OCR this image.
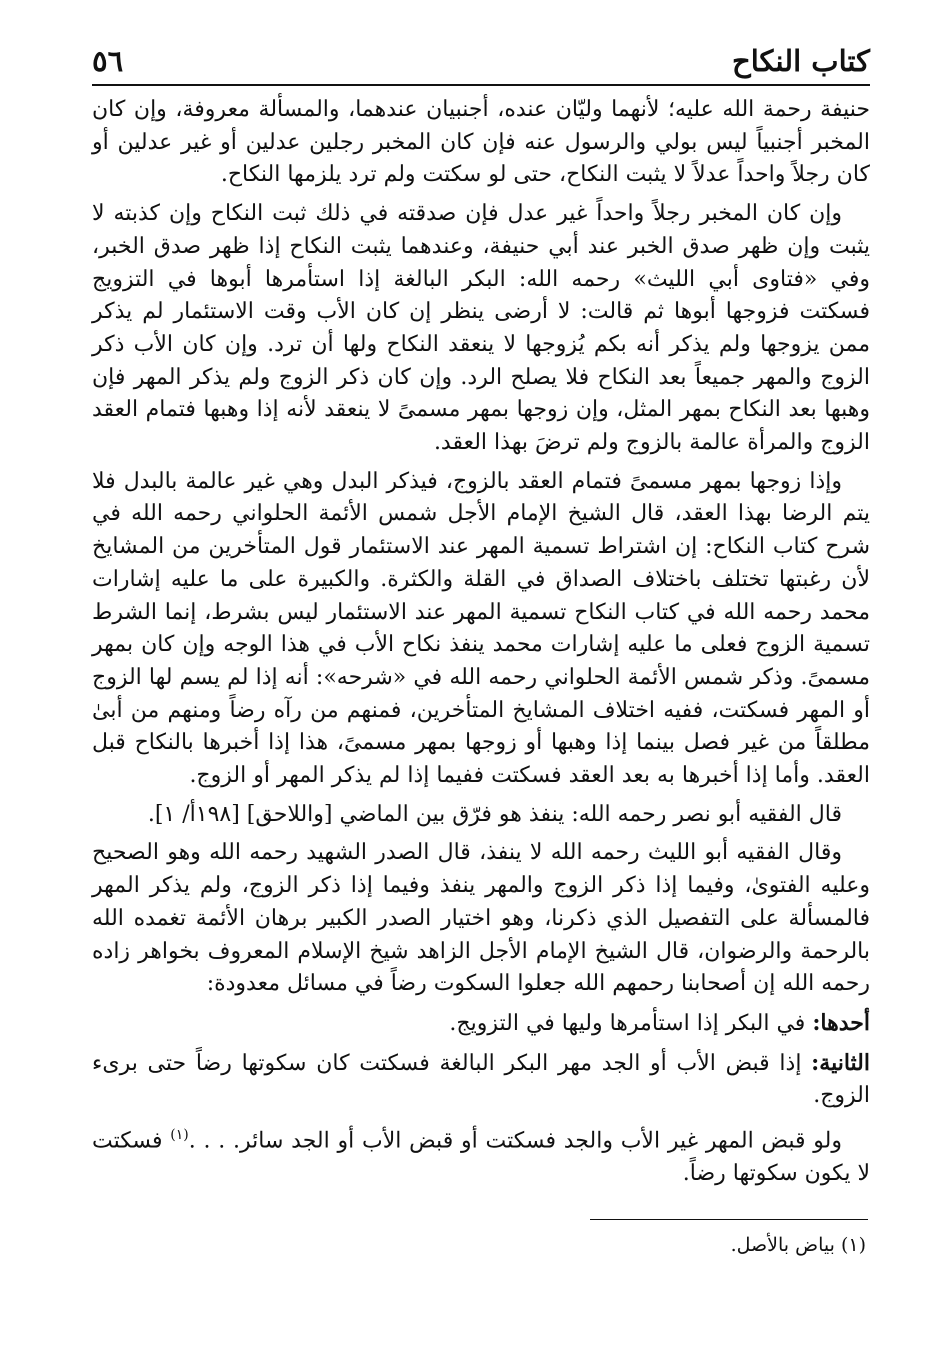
كتاب النكاح
٥٦

حنيفة رحمة الله عليه؛ لأنهما وليّان عنده، أجنبيان عندهما، والمسألة معروفة، وإن كان المخبر أجنبياً ليس بولي والرسول عنه فإن كان المخبر رجلين عدلين أو غير عدلين أو كان رجلاً واحداً عدلاً لا يثبت النكاح، حتى لو سكتت ولم ترد يلزمها النكاح.

وإن كان المخبر رجلاً واحداً غير عدل فإن صدقته في ذلك ثبت النكاح وإن كذبته لا يثبت وإن ظهر صدق الخبر عند أبي حنيفة، وعندهما يثبت النكاح إذا ظهر صدق الخبر، وفي «فتاوى أبي الليث» رحمه الله: البكر البالغة إذا استأمرها أبوها في التزويج فسكتت فزوجها أبوها ثم قالت: لا أرضى ينظر إن كان الأب وقت الاستئمار لم يذكر ممن يزوجها ولم يذكر أنه بكم يُزوجها لا ينعقد النكاح ولها أن ترد. وإن كان الأب ذكر الزوج والمهر جميعاً بعد النكاح فلا يصلح الرد. وإن كان ذكر الزوج ولم يذكر المهر فإن وهبها بعد النكاح بمهر المثل، وإن زوجها بمهر مسمىً لا ينعقد لأنه إذا وهبها فتمام العقد الزوج والمرأة عالمة بالزوج ولم ترضَ بهذا العقد.

وإذا زوجها بمهر مسمىً فتمام العقد بالزوج، فيذكر البدل وهي غير عالمة بالبدل فلا يتم الرضا بهذا العقد، قال الشيخ الإمام الأجل شمس الأئمة الحلواني رحمه الله في شرح كتاب النكاح: إن اشتراط تسمية المهر عند الاستئمار قول المتأخرين من المشايخ لأن رغبتها تختلف باختلاف الصداق في القلة والكثرة. والكبيرة على ما عليه إشارات محمد رحمه الله في كتاب النكاح تسمية المهر عند الاستئمار ليس بشرط، إنما الشرط تسمية الزوج فعلى ما عليه إشارات محمد ينفذ نكاح الأب في هذا الوجه وإن كان بمهر مسمىً. وذكر شمس الأئمة الحلواني رحمه الله في «شرحه»: أنه إذا لم يسم لها الزوج أو المهر فسكتت، ففيه اختلاف المشايخ المتأخرين، فمنهم من رآه رضاً ومنهم من أبىٰ مطلقاً من غير فصل بينما إذا وهبها أو زوجها بمهر مسمىً، هذا إذا أخبرها بالنكاح قبل العقد. وأما إذا أخبرها به بعد العقد فسكتت ففيما إذا لم يذكر المهر أو الزوج.

قال الفقيه أبو نصر رحمه الله: ينفذ هو فرّق بين الماضي [واللاحق] [١٩٨أ/ ١].

وقال الفقيه أبو الليث رحمه الله لا ينفذ، قال الصدر الشهيد رحمه الله وهو الصحيح وعليه الفتوىٰ، وفيما إذا ذكر الزوج والمهر ينفذ وفيما إذا ذكر الزوج، ولم يذكر المهر فالمسألة على التفصيل الذي ذكرنا، وهو اختيار الصدر الكبير برهان الأئمة تغمده الله بالرحمة والرضوان، قال الشيخ الإمام الأجل الزاهد شيخ الإسلام المعروف بخواهر زاده رحمه الله إن أصحابنا رحمهم الله جعلوا السكوت رضاً في مسائل معدودة:

أحدها: في البكر إذا استأمرها وليها في التزويج.

الثانية: إذا قبض الأب أو الجد مهر البكر البالغة فسكتت كان سكوتها رضاً حتى برىء الزوج.

ولو قبض المهر غير الأب والجد فسكتت أو قبض الأب أو الجد سائر. . . .$^{(١)}$ فسكتت لا يكون سكوتها رضاً.

(١) بياض بالأصل.
